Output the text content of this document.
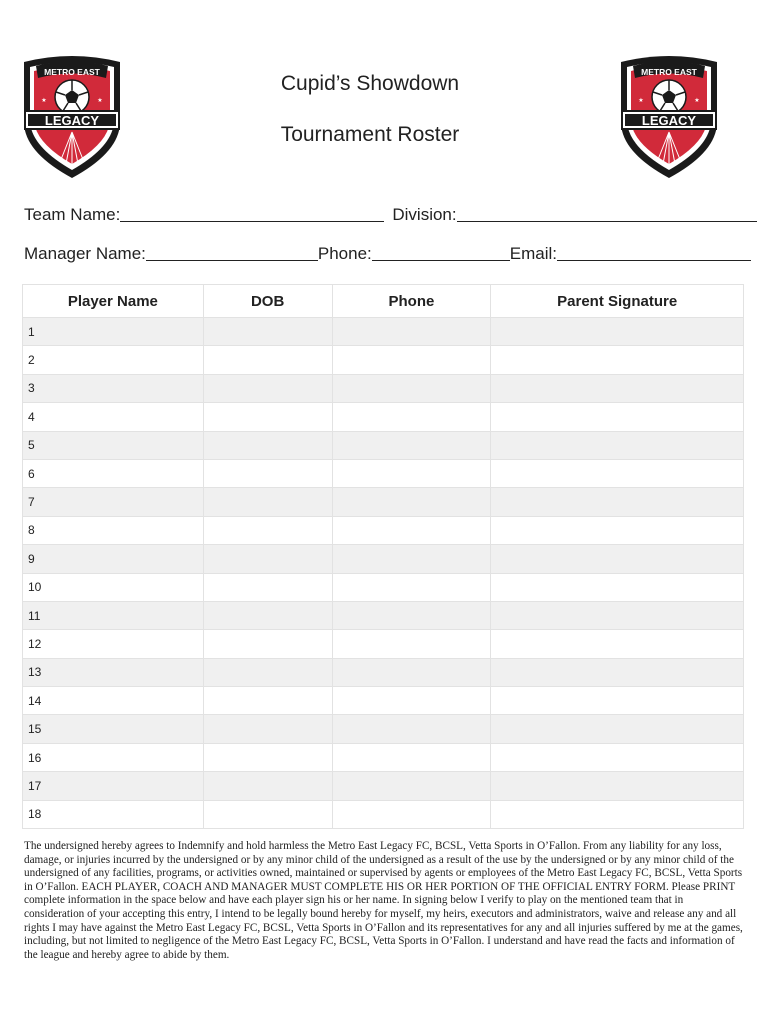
METRO EAST
★	★
LEGACY
METRO EAST
★	★
LEGACY
Cupid’s Showdown
Tournament Roster
Team Name:	Division:
Manager Name:	Phone:	Email:
Player Name	DOB	Phone	Parent Signature
1			
2			
3			
4			
5			
6			
7			
8			
9			
10			
11			
12			
13			
14			
15			
16			
17			
18			
The undersigned hereby agrees to Indemnify and hold harmless the Metro East Legacy FC, BCSL, Vetta Sports in O’Fallon. From any liability for any loss, damage, or injuries incurred by the undersigned or by any minor child of the undersigned as a result of the use by the undersigned or by any minor child of the undersigned of any facilities, programs, or activities owned, maintained or supervised by agents or employees of the Metro East Legacy FC, BCSL, Vetta Sports in O’Fallon. EACH PLAYER, COACH AND MANAGER MUST COMPLETE HIS OR HER PORTION OF THE OFFICIAL ENTRY FORM. Please PRINT complete information in the space below and have each player sign his or her name. In signing below I verify to play on the mentioned team that in consideration of your accepting this entry, I intend to be legally bound hereby for myself, my heirs, executors and administrators, waive and release any and all rights I may have against the Metro East Legacy FC, BCSL, Vetta Sports in O’Fallon and its representatives for any and all injuries suffered by me at the games, including, but not limited to negligence of the Metro East Legacy FC, BCSL, Vetta Sports in O’Fallon. I understand and have read the facts and information of the league and hereby agree to abide by them.
